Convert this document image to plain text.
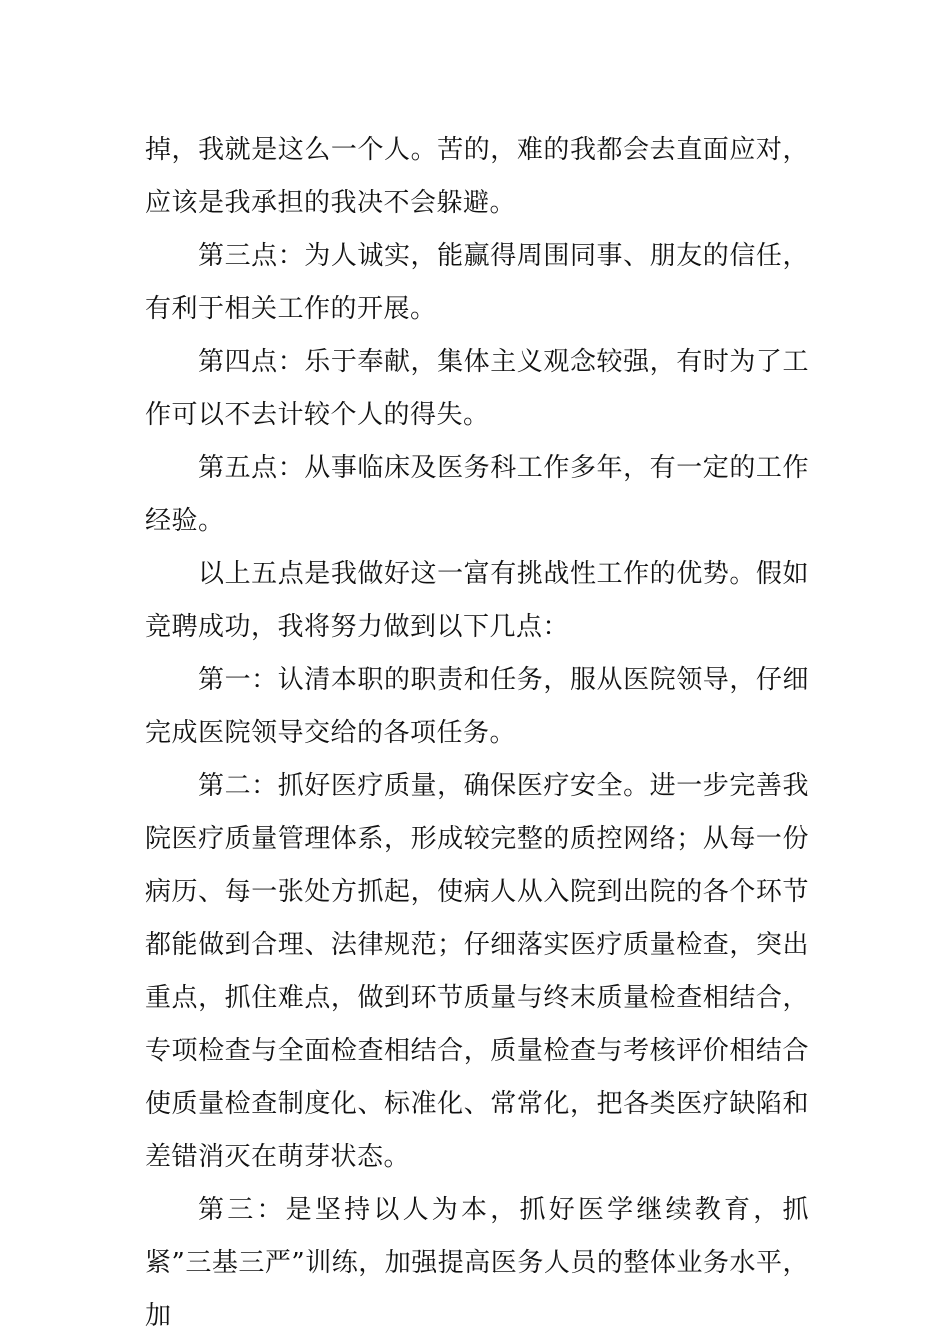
掉，我就是这么一个人。苦的，难的我都会去直面应对，应该是我承担的我决不会躲避。

第三点：为人诚实，能赢得周围同事、朋友的信任，有利于相关工作的开展。

第四点：乐于奉献，集体主义观念较强，有时为了工作可以不去计较个人的得失。

第五点：从事临床及医务科工作多年，有一定的工作经验。

以上五点是我做好这一富有挑战性工作的优势。假如竞聘成功，我将努力做到以下几点：

第一：认清本职的职责和任务，服从医院领导，仔细完成医院领导交给的各项任务。

第二：抓好医疗质量，确保医疗安全。进一步完善我院医疗质量管理体系，形成较完整的质控网络；从每一份病历、每一张处方抓起，使病人从入院到出院的各个环节都能做到合理、法律规范；仔细落实医疗质量检查，突出重点，抓住难点，做到环节质量与终末质量检查相结合，专项检查与全面检查相结合，质量检查与考核评价相结合使质量检查制度化、标准化、常常化，把各类医疗缺陷和差错消灭在萌芽状态。

第三：是坚持以人为本，抓好医学继续教育，抓紧”三基三严”训练，加强提高医务人员的整体业务水平，加
